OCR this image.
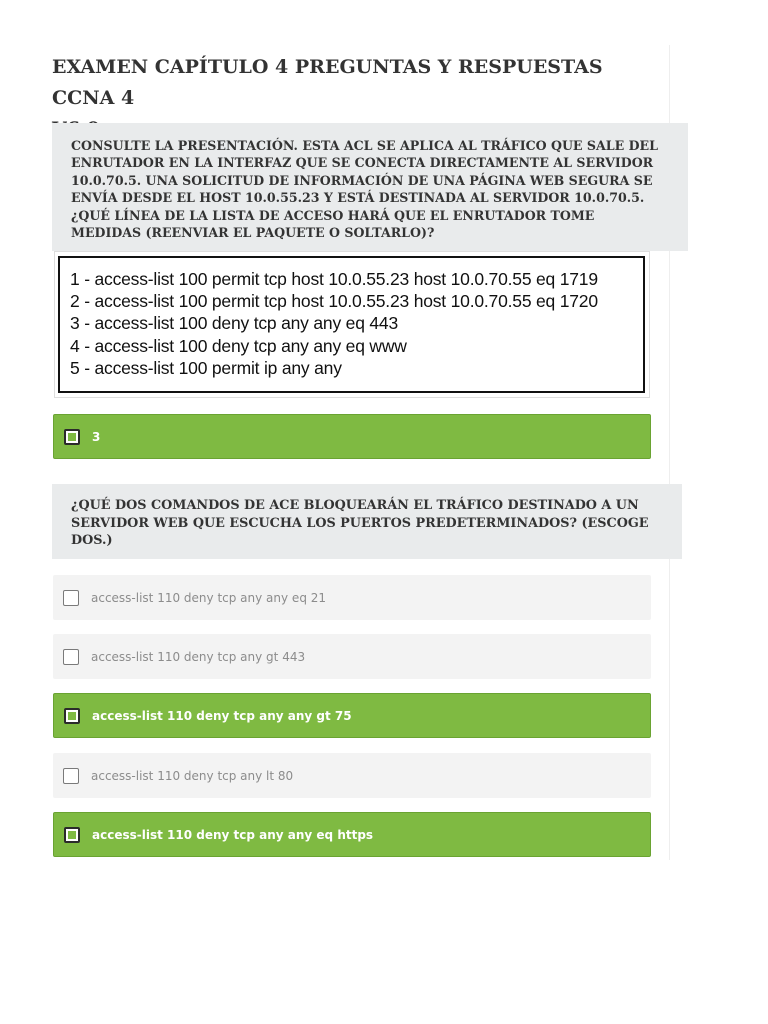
EXAMEN CAPÍTULO 4 PREGUNTAS Y RESPUESTAS CCNA 4

CONSULTE LA PRESENTACIÓN. ESTA ACL SE APLICA AL TRÁFICO QUE SALE DEL
ENRUTADOR EN LA INTERFAZ QUE SE CONECTA DIRECTAMENTE AL SERVIDOR
10.0.70.5. UNA SOLICITUD DE INFORMACIÓN DE UNA PÁGINA WEB SEGURA SE
ENVÍA DESDE EL HOST 10.0.55.23 Y ESTÁ DESTINADA AL SERVIDOR 10.0.70.5.
¿QUÉ LÍNEA DE LA LISTA DE ACCESO HARÁ QUE EL ENRUTADOR TOME
MEDIDAS (REENVIAR EL PAQUETE O SOLTARLO)?
1 - access-list 100 permit tcp host 10.0.55.23 host 10.0.70.55 eq 1719
2 - access-list 100 permit tcp host 10.0.55.23 host 10.0.70.55 eq 1720
3 - access-list 100 deny tcp any any eq 443
4 - access-list 100 deny tcp any any eq www
5 - access-list 100 permit ip any any
3
¿QUÉ DOS COMANDOS DE ACE BLOQUEARÁN EL TRÁFICO DESTINADO A UN
SERVIDOR WEB QUE ESCUCHA LOS PUERTOS PREDETERMINADOS? (ESCOGE
DOS.)
access-list 110 deny tcp any any eq 21
access-list 110 deny tcp any gt 443
access-list 110 deny tcp any any gt 75
access-list 110 deny tcp any lt 80
access-list 110 deny tcp any any eq https
